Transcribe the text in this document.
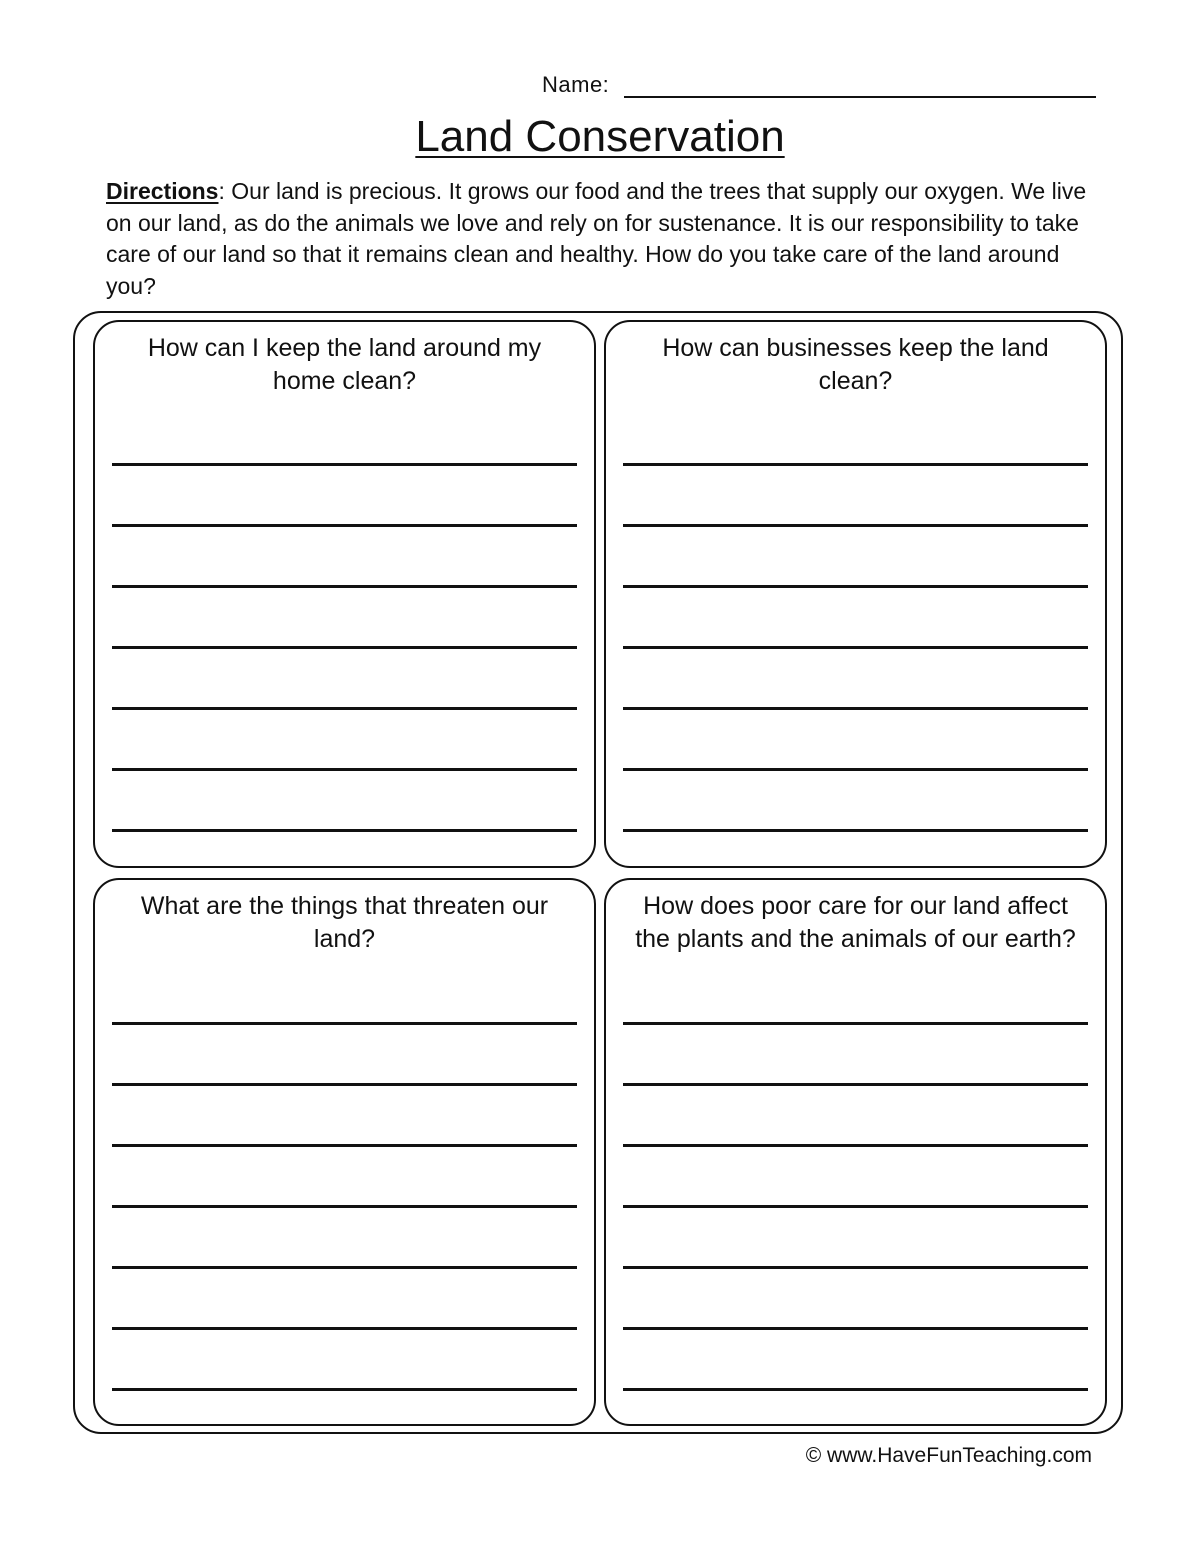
Name:
Land Conservation
Directions: Our land is precious. It grows our food and the trees that supply our oxygen. We live on our land, as do the animals we love and rely on for sustenance. It is our responsibility to take care of our land so that it remains clean and healthy. How do you take care of the land around you?
How can I keep the land around my home clean?
How can businesses keep the land clean?
What are the things that threaten our land?
How does poor care for our land affect the plants and the animals of our earth?
© www.HaveFunTeaching.com
